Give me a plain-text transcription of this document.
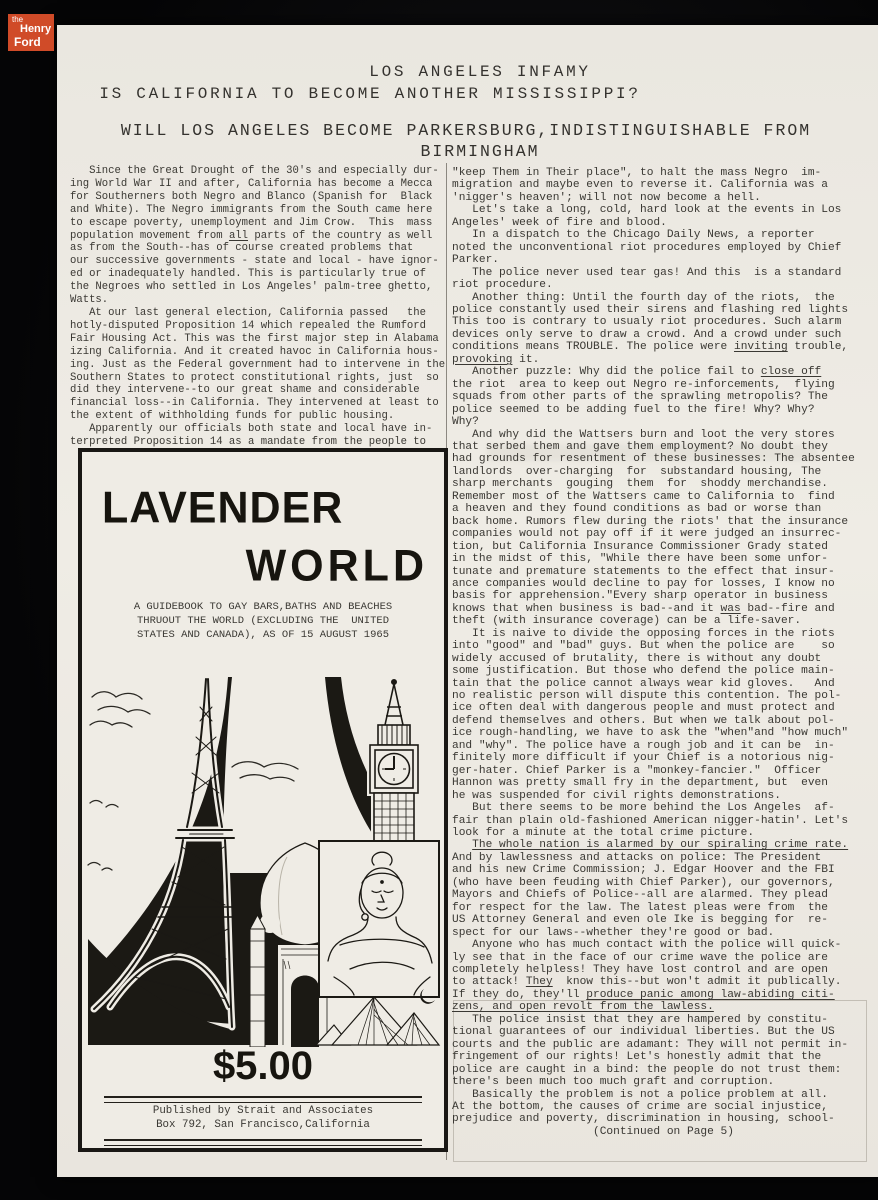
the
Henry
Ford
LOS ANGELES INFAMY
IS CALIFORNIA TO BECOME ANOTHER MISSISSIPPI?
WILL LOS ANGELES BECOME PARKERSBURG,INDISTINGUISHABLE FROM
BIRMINGHAM
Since the Great Drought of the 30's and especially dur-
ing World War II and after, California has become a Mecca
for Southerners both Negro and Blanco (Spanish for  Black
and White). The Negro immigrants from the South came here
to escape poverty, unemployment and Jim Crow.  This  mass
population movement from all parts of the country as well
as from the South--has of course created problems that
our successive governments - state and local - have ignor-
ed or inadequately handled. This is particularly true of
the Negroes who settled in Los Angeles' palm-tree ghetto,
Watts.
At our last general election, California passed   the
hotly-disputed Proposition 14 which repealed the Rumford
Fair Housing Act. This was the first major step in Alabama
izing California. And it created havoc in California hous-
ing. Just as the Federal government had to intervene in the
Southern States to protect constitutional rights, just  so
did they intervene--to our great shame and considerable
financial loss--in California. They intervened at least to
the extent of withholding funds for public housing.
Apparently our officials both state and local have in-
terpreted Proposition 14 as a mandate from the people to
"keep Them in Their place", to halt the mass Negro  im-
migration and maybe even to reverse it. California was a
'nigger's heaven'; will not now become a hell.
Let's take a long, cold, hard look at the events in Los
Angeles' week of fire and blood.
In a dispatch to the Chicago Daily News, a reporter
noted the unconventional riot procedures employed by Chief
Parker.
The police never used tear gas! And this  is a standard
riot procedure.
Another thing: Until the fourth day of the riots,  the
police constantly used their sirens and flashing red lights
This too is contrary to usualy riot procedures. Such alarm
devices only serve to draw a crowd. And a crowd under such
conditions means TROUBLE. The police were inviting trouble,
provoking it.
Another puzzle: Why did the police fail to close off
the riot  area to keep out Negro re-inforcements,  flying
squads from other parts of the sprawling metropolis? The
police seemed to be adding fuel to the fire! Why? Why?
Why?
And why did the Wattsers burn and loot the very stores
that serbed them and gave them employment? No doubt they
had grounds for resentment of these businesses: The absentee
landlords  over-charging  for  substandard housing, The
sharp merchants  gouging  them  for  shoddy merchandise.
Remember most of the Wattsers came to California to  find
a heaven and they found conditions as bad or worse than
back home. Rumors flew during the riots' that the insurance
companies would not pay off if it were judged an insurrec-
tion, but California Insurance Commissioner Grady stated
in the midst of this, "While there have been some unfor-
tunate and premature statements to the effect that insur-
ance companies would decline to pay for losses, I know no
basis for apprehension."Every sharp operator in business
knows that when business is bad--and it was bad--fire and
theft (with insurance coverage) can be a life-saver.
It is naive to divide the opposing forces in the riots
into "good" and "bad" guys. But when the police are    so
widely accused of brutality, there is without any doubt
some justification. But those who defend the police main-
tain that the police cannot always wear kid gloves.   And
no realistic person will dispute this contention. The pol-
ice often deal with dangerous people and must protect and
defend themselves and others. But when we talk about pol-
ice rough-handling, we have to ask the "when"and "how much"
and "why". The police have a rough job and it can be  in-
finitely more difficult if your Chief is a notorious nig-
ger-hater. Chief Parker is a "monkey-fancier."  Officer
Hannon was pretty small fry in the department, but  even
he was suspended for civil rights demonstrations.
But there seems to be more behind the Los Angeles  af-
fair than plain old-fashioned American nigger-hatin'. Let's
look for a minute at the total crime picture.
The whole nation is alarmed by our spiraling crime rate.
And by lawlessness and attacks on police: The President
and his new Crime Commission; J. Edgar Hoover and the FBI
(who have been feuding with Chief Parker), our governors,
Mayors and Chiefs of Police--all are alarmed. They plead
for respect for the law. The latest pleas were from  the
US Attorney General and even ole Ike is begging for  re-
spect for our laws--whether they're good or bad.
Anyone who has much contact with the police will quick-
ly see that in the face of our crime wave the police are
completely helpless! They have lost control and are open
to attack! They  know this--but won't admit it publically.
If they do, they'll produce panic among law-abiding citi-
zens, and open revolt from the lawless.
The police insist that they are hampered by constitu-
tional guarantees of our individual liberties. But the US
courts and the public are adamant: They will not permit in-
fringement of our rights! Let's honestly admit that the
police are caught in a bind: the people do not trust them:
there's been much too much graft and corruption.
Basically the problem is not a police problem at all.
At the bottom, the causes of crime are social injustice,
prejudice and poverty, discrimination in housing, school-
(Continued on Page 5)
LAVENDER
WORLD
A GUIDEBOOK TO GAY BARS,BATHS AND BEACHES
THRUOUT THE WORLD (EXCLUDING THE  UNITED
STATES AND CANADA), AS OF 15 AUGUST 1965
$5.00
Published by Strait and Associates
Box 792, San Francisco,California
